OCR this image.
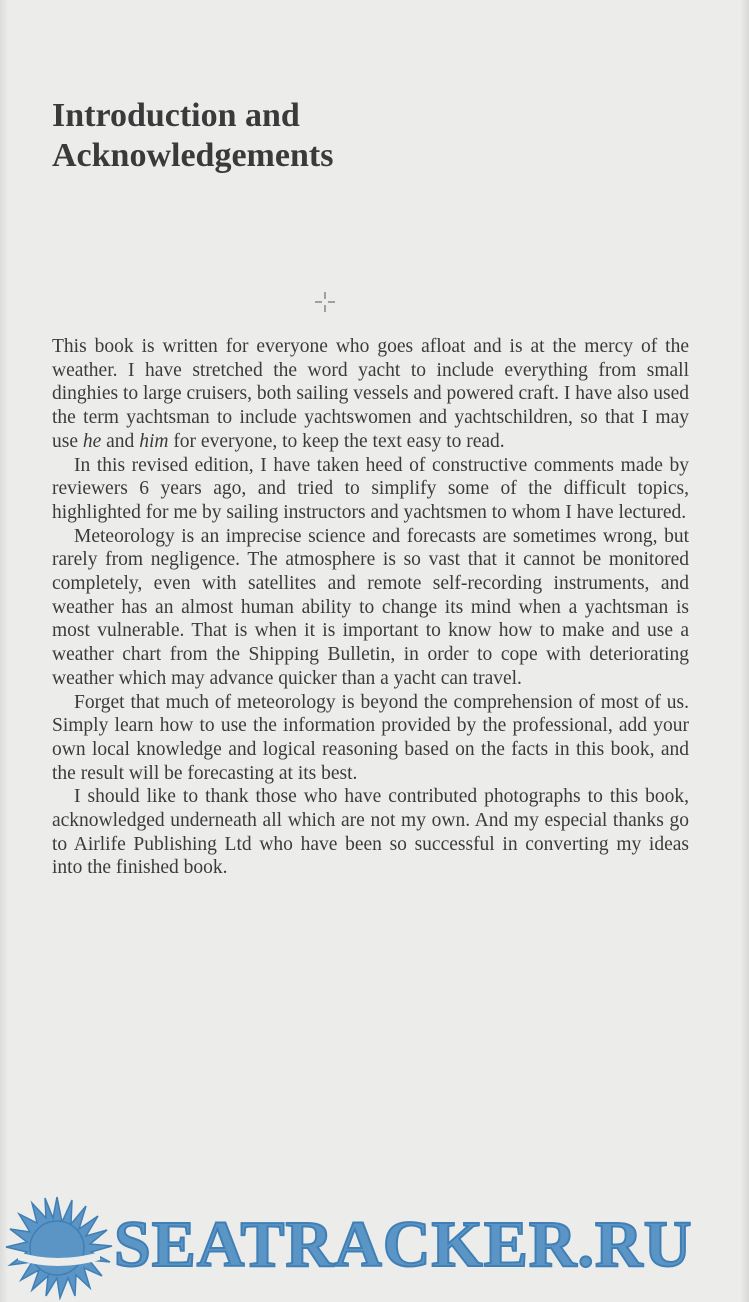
Introduction and
Acknowledgements

This book is written for everyone who goes afloat and is at the mercy of the weather. I have stretched the word yacht to include everything from small dinghies to large cruisers, both sailing vessels and powered craft. I have also used the term yachtsman to include yachtswomen and yachtschildren, so that I may use he and him for everyone, to keep the text easy to read.

In this revised edition, I have taken heed of constructive comments made by reviewers 6 years ago, and tried to simplify some of the difficult topics, highlighted for me by sailing instructors and yachtsmen to whom I have lectured.

Meteorology is an imprecise science and forecasts are sometimes wrong, but rarely from negligence. The atmosphere is so vast that it cannot be monitored completely, even with satellites and remote self-recording instruments, and weather has an almost human ability to change its mind when a yachtsman is most vulnerable. That is when it is important to know how to make and use a weather chart from the Shipping Bulletin, in order to cope with deteriorating weather which may advance quicker than a yacht can travel.

Forget that much of meteorology is beyond the comprehension of most of us. Simply learn how to use the information provided by the professional, add your own local knowledge and logical reasoning based on the facts in this book, and the result will be forecasting at its best.

I should like to thank those who have contributed photographs to this book, acknowledged underneath all which are not my own. And my especial thanks go to Airlife Publishing Ltd who have been so successful in converting my ideas into the finished book.

SEATRACKER.RU
